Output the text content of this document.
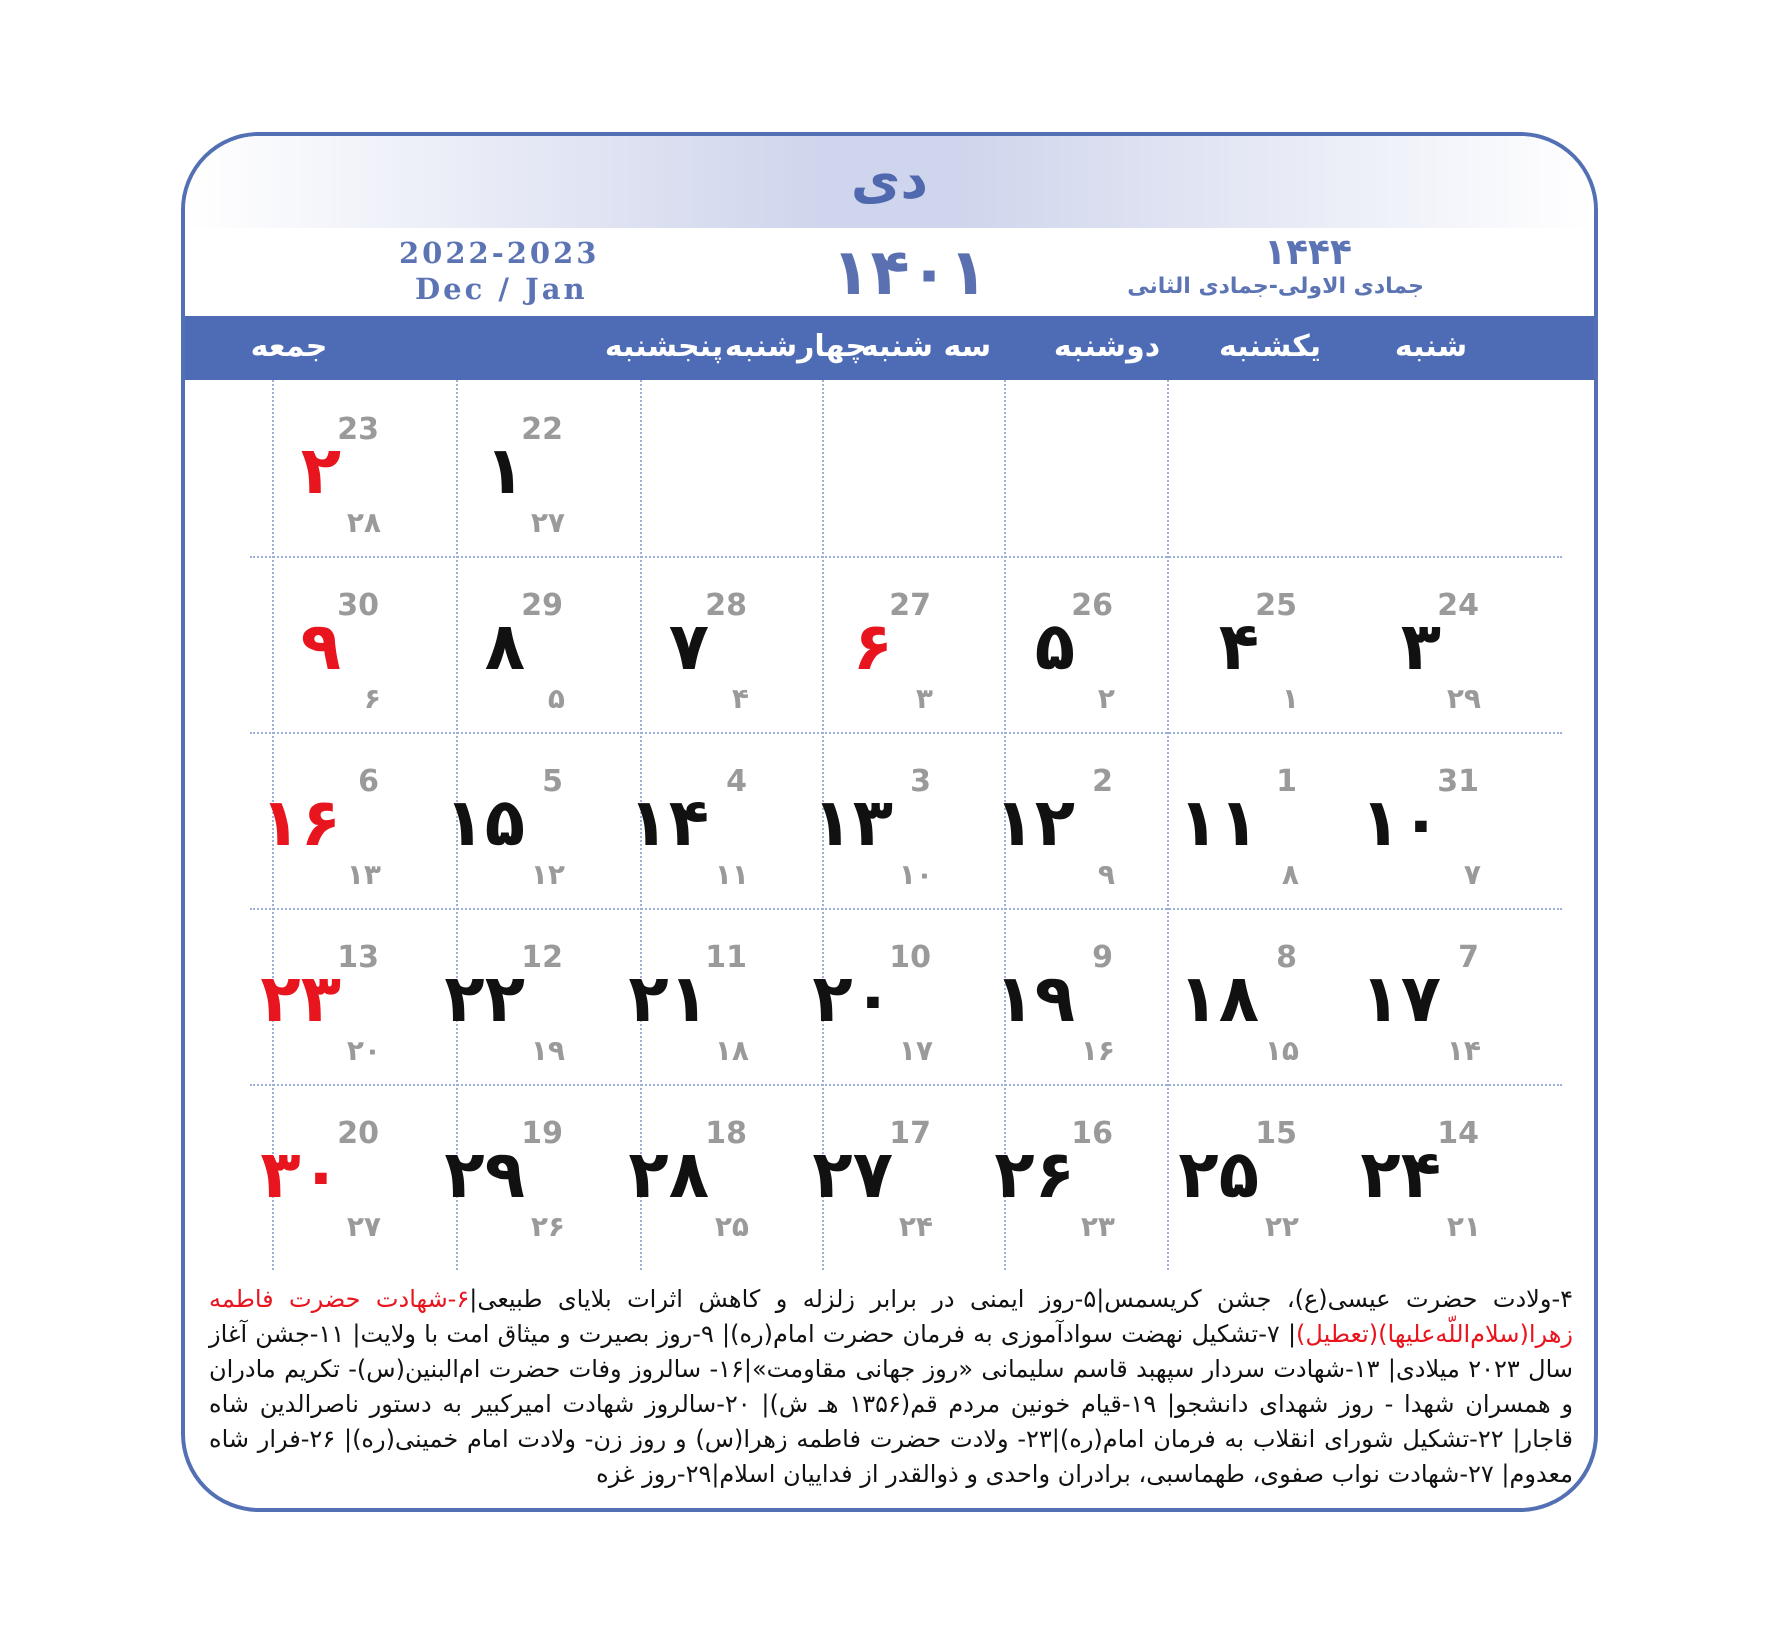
دی
2022-2023
Dec / Jan	۱۴۰۱	۱۴۴۴
جمادی الاولی-جمادی الثانی
شنبه
یکشنبه
دوشنبه
سه شنبه
چهارشنبه
پنجشنبه
جمعه
22
۱
۲۷
23
۲
۲۸
24
۳
۲۹
25
۴
۱
26
۵
۲
27
۶
۳
28
۷
۴
29
۸
۵
30
۹
۶
31
۱۰
۷
1
۱۱
۸
2
۱۲
۹
3
۱۳
۱۰
4
۱۴
۱۱
5
۱۵
۱۲
6
۱۶
۱۳
7
۱۷
۱۴
8
۱۸
۱۵
9
۱۹
۱۶
10
۲۰
۱۷
11
۲۱
۱۸
12
۲۲
۱۹
13
۲۳
۲۰
14
۲۴
۲۱
15
۲۵
۲۲
16
۲۶
۲۳
17
۲۷
۲۴
18
۲۸
۲۵
19
۲۹
۲۶
20
۳۰
۲۷
۴-ولادت حضرت عیسی(ع)، جشن کریسمس|۵-روز ایمنی در برابر زلزله و کاهش اثرات بلایای طبیعی|۶-شهادت حضرت فاطمه زهرا(سلام‌اللّه‌علیها)(تعطیل)| ۷-تشکیل نهضت سوادآموزی به فرمان حضرت امام(ره)| ۹-روز بصیرت و میثاق امت با ولایت| ۱۱-جشن آغاز سال ۲۰۲۳ میلادی| ۱۳-شهادت سردار سپهبد قاسم سلیمانی «روز جهانی مقاومت»|۱۶- سالروز وفات حضرت ام‌البنین(س)- تکریم مادران و همسران شهدا - روز شهدای دانشجو| ۱۹-قیام خونین مردم قم(۱۳۵۶ هـ ش)| ۲۰-سالروز شهادت امیرکبیر به دستور ناصرالدین شاه قاجار| ۲۲-تشکیل شورای انقلاب به فرمان امام(ره)|۲۳- ولادت حضرت فاطمه زهرا(س) و روز زن- ولادت امام خمینی(ره)| ۲۶-فرار شاه معدوم| ۲۷-شهادت نواب صفوی، طهماسبی، برادران واحدی و ذوالقدر از فداییان اسلام|۲۹-روز غزه
